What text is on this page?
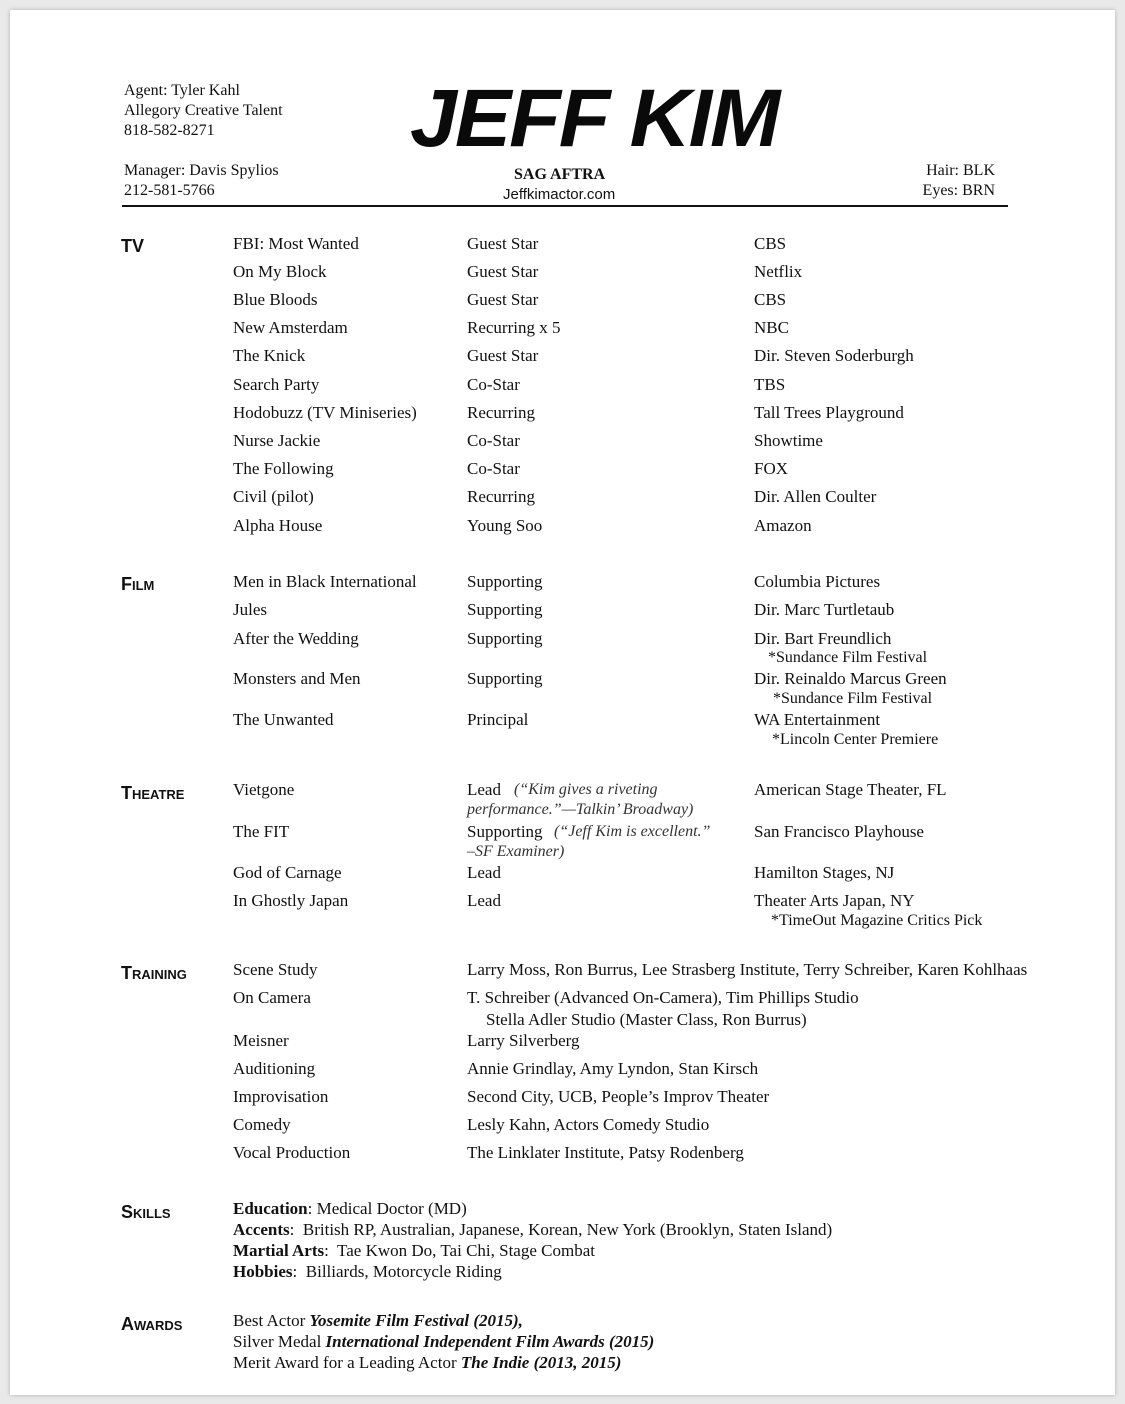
Agent: Tyler Kahl
Allegory Creative Talent
818-582-8271
Manager: Davis Spylios
212-581-5766
JEFF KIM
SAG AFTRA
Jeffkimactor.com
Hair: BLK
Eyes: BRN
TV	FBI: Most Wanted	Guest Star	CBS
On My Block	Guest Star	Netflix
Blue Bloods	Guest Star	CBS
New Amsterdam	Recurring x 5	NBC
The Knick	Guest Star	Dir. Steven Soderburgh
Search Party	Co-Star	TBS
Hodobuzz (TV Miniseries)	Recurring	Tall Trees Playground
Nurse Jackie	Co-Star	Showtime
The Following	Co-Star	FOX
Civil (pilot)	Recurring	Dir. Allen Coulter
Alpha House	Young Soo	Amazon
Film	Men in Black International	Supporting	Columbia Pictures
Jules	Supporting	Dir. Marc Turtletaub
After the Wedding	Supporting	Dir. Bart Freundlich
*Sundance Film Festival
Monsters and Men	Supporting	Dir. Reinaldo Marcus Green
*Sundance Film Festival
The Unwanted	Principal	WA Entertainment
*Lincoln Center Premiere
Theatre	Vietgone	Lead	American Stage Theater, FL
(“Kim gives a riveting
performance.”—Talkin’ Broadway)
The FIT	Supporting	San Francisco Playhouse
(“Jeff Kim is excellent.”
–SF Examiner)
God of Carnage	Lead	Hamilton Stages, NJ
In Ghostly Japan	Lead	Theater Arts Japan, NY
*TimeOut Magazine Critics Pick
Training	Scene Study	Larry Moss, Ron Burrus, Lee Strasberg Institute, Terry Schreiber, Karen Kohlhaas
On Camera	T. Schreiber (Advanced On-Camera), Tim Phillips Studio
Stella Adler Studio (Master Class, Ron Burrus)
Meisner	Larry Silverberg
Auditioning	Annie Grindlay, Amy Lyndon, Stan Kirsch
Improvisation	Second City, UCB, People’s Improv Theater
Comedy	Lesly Kahn, Actors Comedy Studio
Vocal Production	The Linklater Institute, Patsy Rodenberg
Skills	Education: Medical Doctor (MD)
Accents:  British RP, Australian, Japanese, Korean, New York (Brooklyn, Staten Island)
Martial Arts:  Tae Kwon Do, Tai Chi, Stage Combat
Hobbies:  Billiards, Motorcycle Riding
Awards	Best Actor Yosemite Film Festival (2015),
Silver Medal International Independent Film Awards (2015)
Merit Award for a Leading Actor The Indie (2013, 2015)
